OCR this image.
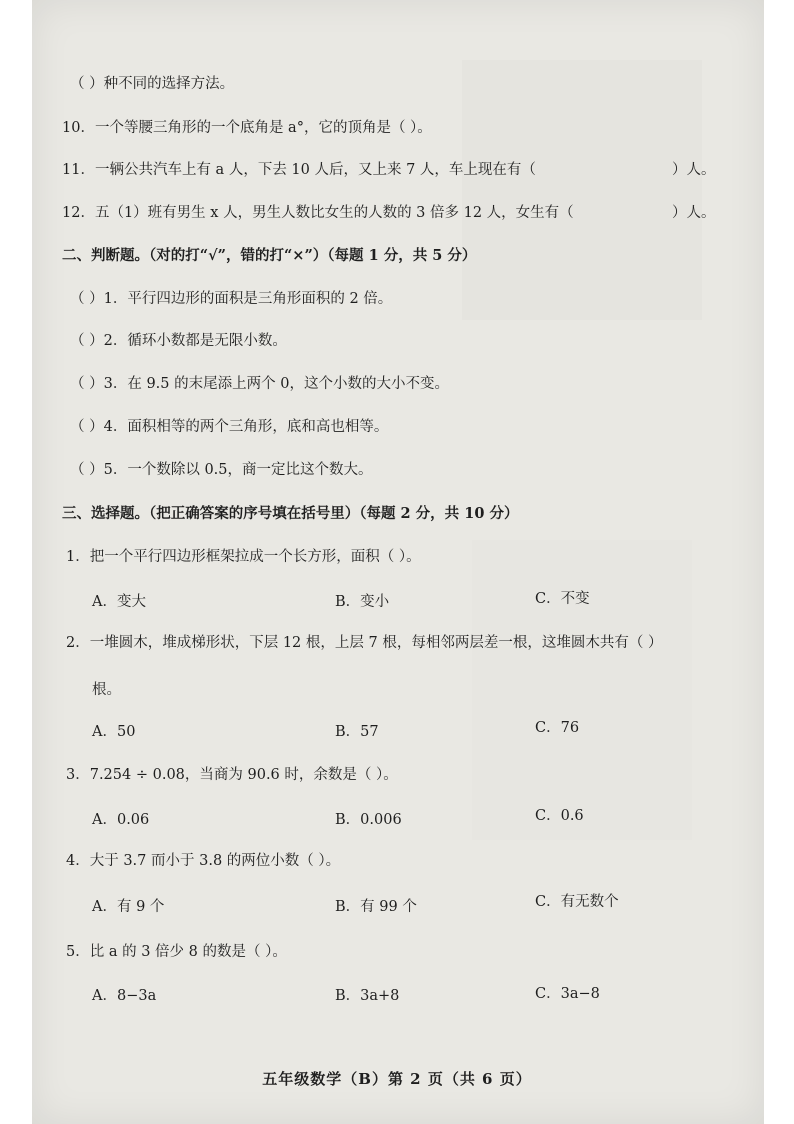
（ ）种不同的选择方法。
10．一个等腰三角形的一个底角是 a°，它的顶角是（ ）。
11．一辆公共汽车上有 a 人，下去 10 人后，又上来 7 人，车上现在有（	）人。
12．五（1）班有男生 x 人，男生人数比女生的人数的 3 倍多 12 人，女生有（	）人。
二、判断题。（对的打“√”，错的打“×”）（每题 1 分，共 5 分）
（ ）1．平行四边形的面积是三角形面积的 2 倍。
（ ）2．循环小数都是无限小数。
（ ）3．在 9.5 的末尾添上两个 0，这个小数的大小不变。
（ ）4．面积相等的两个三角形，底和高也相等。
（ ）5．一个数除以 0.5，商一定比这个数大。
三、选择题。（把正确答案的序号填在括号里）（每题 2 分，共 10 分）
1．把一个平行四边形框架拉成一个长方形，面积（ ）。
A．变大	B．变小	C．不变
2．一堆圆木，堆成梯形状，下层 12 根，上层 7 根，每相邻两层差一根，这堆圆木共有（ ）
根。
A．50	B．57	C．76
3．7.254 ÷ 0.08，当商为 90.6 时，余数是（ ）。
A．0.06	B．0.006	C．0.6
4．大于 3.7 而小于 3.8 的两位小数（ ）。
A．有 9 个	B．有 99 个	C．有无数个
5．比 a 的 3 倍少 8 的数是（ ）。
A．8−3a	B．3a+8	C．3a−8
五年级数学（B）第 2 页（共 6 页）
